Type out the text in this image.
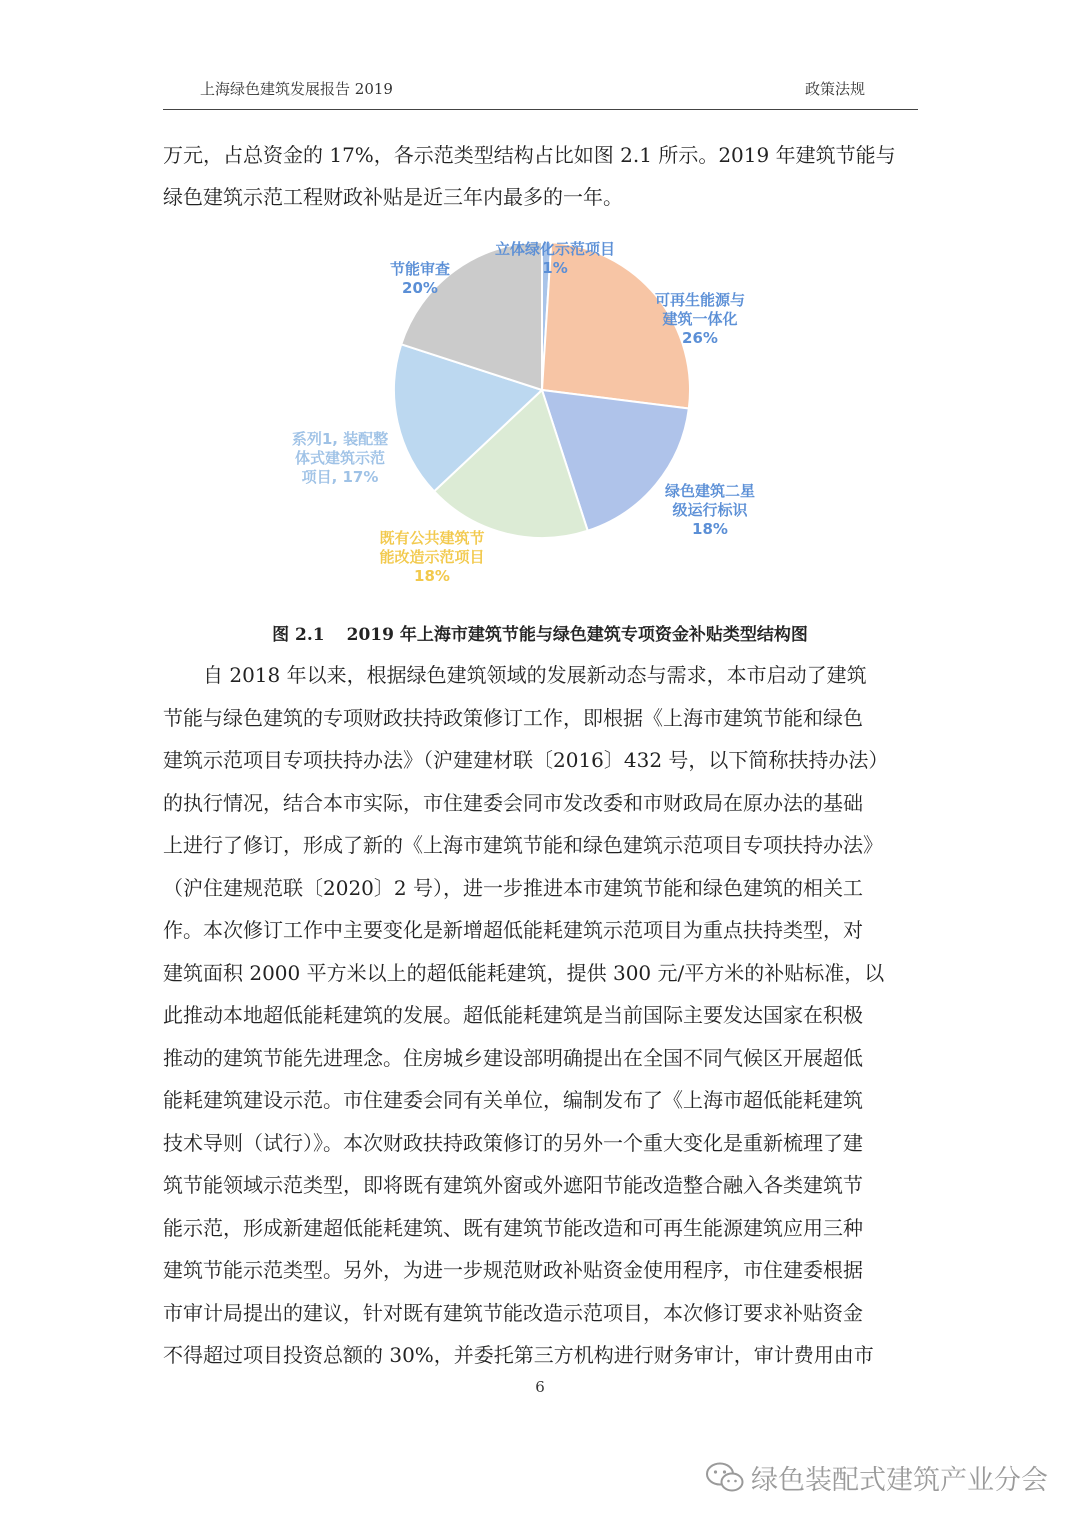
上海绿色建筑发展报告 2019	政策法规
万元，占总资金的 17%，各示范类型结构占比如图 2.1 所示。2019 年建筑节能与
绿色建筑示范工程财政补贴是近三年内最多的一年。
立体绿化示范项目 1%
可再生能源与建筑一体化 26%
绿色建筑二星级运行标识 18%
既有公共建筑节能改造示范项目 18%
系列1, 装配整体式建筑示范项目, 17%
节能审查 20%
图 2.1 2019 年上海市建筑节能与绿色建筑专项资金补贴类型结构图

　　自 2018 年以来，根据绿色建筑领域的发展新动态与需求，本市启动了建筑

节能与绿色建筑的专项财政扶持政策修订工作，即根据《上海市建筑节能和绿色

建筑示范项目专项扶持办法》（沪建建材联〔2016〕432 号，以下简称扶持办法）

的执行情况，结合本市实际，市住建委会同市发改委和市财政局在原办法的基础

上进行了修订，形成了新的《上海市建筑节能和绿色建筑示范项目专项扶持办法》

（沪住建规范联〔2020〕2 号），进一步推进本市建筑节能和绿色建筑的相关工

作。本次修订工作中主要变化是新增超低能耗建筑示范项目为重点扶持类型，对

建筑面积 2000 平方米以上的超低能耗建筑，提供 300 元/平方米的补贴标准，以

此推动本地超低能耗建筑的发展。超低能耗建筑是当前国际主要发达国家在积极

推动的建筑节能先进理念。住房城乡建设部明确提出在全国不同气候区开展超低

能耗建筑建设示范。市住建委会同有关单位，编制发布了《上海市超低能耗建筑

技术导则（试行）》。本次财政扶持政策修订的另外一个重大变化是重新梳理了建

筑节能领域示范类型，即将既有建筑外窗或外遮阳节能改造整合融入各类建筑节

能示范，形成新建超低能耗建筑、既有建筑节能改造和可再生能源建筑应用三种

建筑节能示范类型。另外，为进一步规范财政补贴资金使用程序，市住建委根据

市审计局提出的建议，针对既有建筑节能改造示范项目，本次修订要求补贴资金

不得超过项目投资总额的 30%，并委托第三方机构进行财务审计，审计费用由市

6
绿色装配式建筑产业分会
